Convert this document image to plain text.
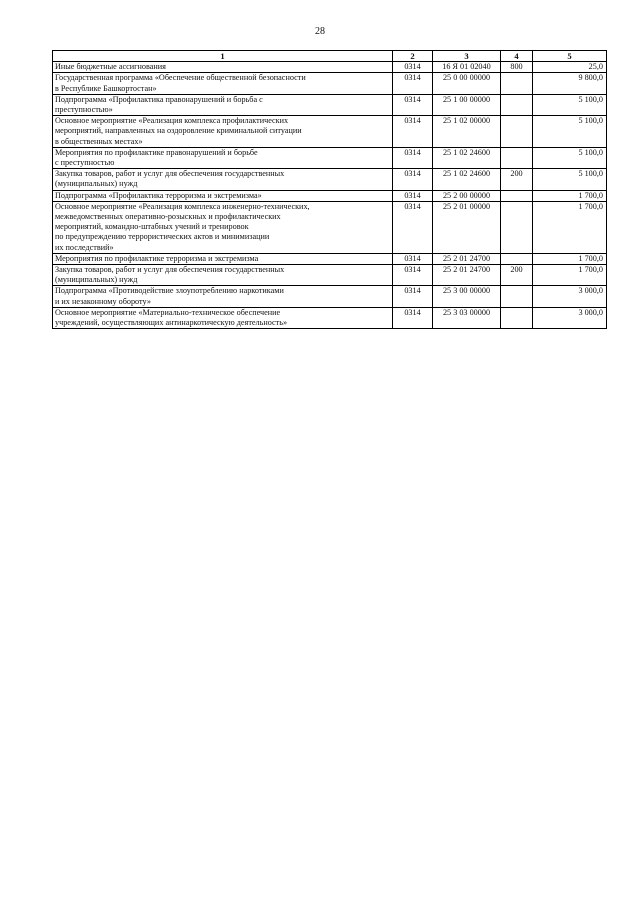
28
1	2	3	4	5
Иные бюджетные ассигнования	0314	16 Я 01 02040	800	25,0
Государственная программа «Обеспечение общественной безопасности
в Республике Башкортостан»	0314	25 0 00 00000		9 800,0
Подпрограмма «Профилактика правонарушений и борьба с
преступностью»	0314	25 1 00 00000		5 100,0
Основное мероприятие «Реализация комплекса профилактических
мероприятий, направленных на оздоровление криминальной ситуации
в общественных местах»	0314	25 1 02 00000		5 100,0
Мероприятия по профилактике правонарушений и борьбе
с преступностью	0314	25 1 02 24600		5 100,0
Закупка товаров, работ и услуг для обеспечения государственных
(муниципальных) нужд	0314	25 1 02 24600	200	5 100,0
Подпрограмма «Профилактика терроризма и экстремизма»	0314	25 2 00 00000		1 700,0
Основное мероприятие «Реализация комплекса инженерно-технических,
межведомственных оперативно-розыскных и профилактических
мероприятий, командно-штабных учений и тренировок
по предупреждению террористических актов и минимизации
их последствий»	0314	25 2 01 00000		1 700,0
Мероприятия по профилактике терроризма и экстремизма	0314	25 2 01 24700		1 700,0
Закупка товаров, работ и услуг для обеспечения государственных
(муниципальных) нужд	0314	25 2 01 24700	200	1 700,0
Подпрограмма «Противодействие злоупотреблению наркотиками
и их незаконному обороту»	0314	25 3 00 00000		3 000,0
Основное мероприятие «Материально-техническое обеспечение
учреждений, осуществляющих антинаркотическую деятельность»	0314	25 3 03 00000		3 000,0
